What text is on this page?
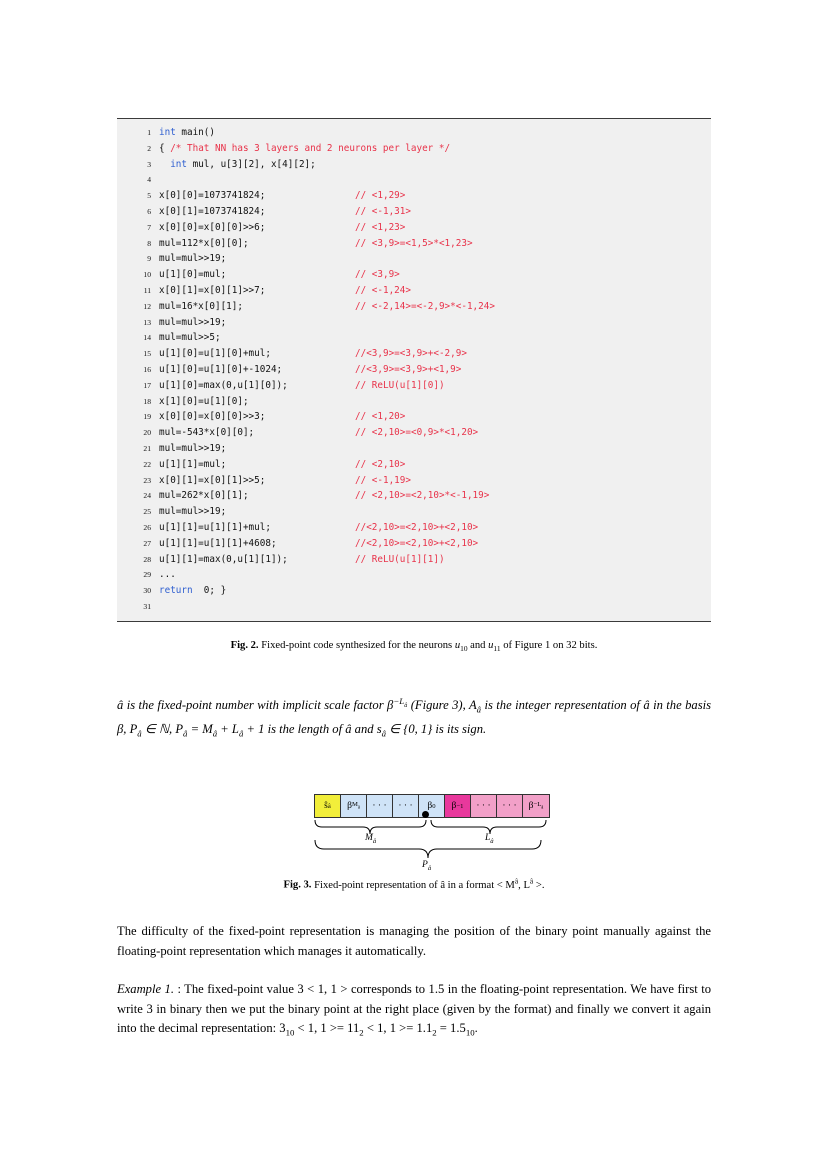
1 int main()
2 { /* That NN has 3 layers and 2 neurons per layer */
3	int mul, u[3][2], x[4][2];
4
5 x[0][0]=1073741824;	// <1,29>
6 x[0][1]=1073741824;	// <-1,31>
7 x[0][0]=x[0][0]>>6;	// <1,23>
8 mul=112*x[0][0];	// <3,9>=<1,5>*<1,23>
9 mul=mul>>19;
10 u[1][0]=mul;	// <3,9>
11 x[0][1]=x[0][1]>>7;	// <-1,24>
12 mul=16*x[0][1];	// <-2,14>=<-2,9>*<-1,24>
13 mul=mul>>19;
14 mul=mul>>5;
15 u[1][0]=u[1][0]+mul;	//<3,9>=<3,9>+<-2,9>
16 u[1][0]=u[1][0]+-1024;	//<3,9>=<3,9>+<1,9>
17 u[1][0]=max(0,u[1][0]);	// ReLU(u[1][0])
18 x[1][0]=u[1][0];
19 x[0][0]=x[0][0]>>3;	// <1,20>
20 mul=-543*x[0][0];	// <2,10>=<0,9>*<1,20>
21 mul=mul>>19;
22 u[1][1]=mul;	// <2,10>
23 x[0][1]=x[0][1]>>5;	// <-1,19>
24 mul=262*x[0][1];	// <2,10>=<2,10>*<-1,19>
25 mul=mul>>19;
26 u[1][1]=u[1][1]+mul;	//<2,10>=<2,10>+<2,10>
27 u[1][1]=u[1][1]+4608;	//<2,10>=<2,10>+<2,10>
28 u[1][1]=max(0,u[1][1]);	// ReLU(u[1][1])
29 ...
30 return  0; }
31
Fig. 2. Fixed-point code synthesized for the neurons $u_{10}$ and $u_{11}$ of Figure 1 on 32 bits.
â is the fixed-point number with implicit scale factor $\beta^{-L_â}$ (Figure 3), $A_â$ is the integer representation of â in the basis β, $P_â$ ∈ ℕ, $P_â = M_â + L_â + 1$ is the length of â and $s_â$ ∈ {0, 1} is its sign.
ŝ â	β $M_â$	· · ·	· · ·	β 0	β −1	· · ·	· · ·	$\beta -L_â$
$M_â$	$L_â$
$P_â$
Fig. 3. Fixed-point representation of â in a format < $M^â$, $L^â$ >.
The difficulty of the fixed-point representation is managing the position of the binary point manually against the floating-point representation which manages it automatically.
Example 1. : The fixed-point value 3 < 1, 1 > corresponds to 1.5 in the floating-point representation. We have first to write 3 in binary then we put the binary point at the right place (given by the format) and finally we convert it again into the decimal representation: $3_{10} < 1$, $1 >= 11_2 < 1$, $1 >= 1.1_2 = 1.5_{10}$.
